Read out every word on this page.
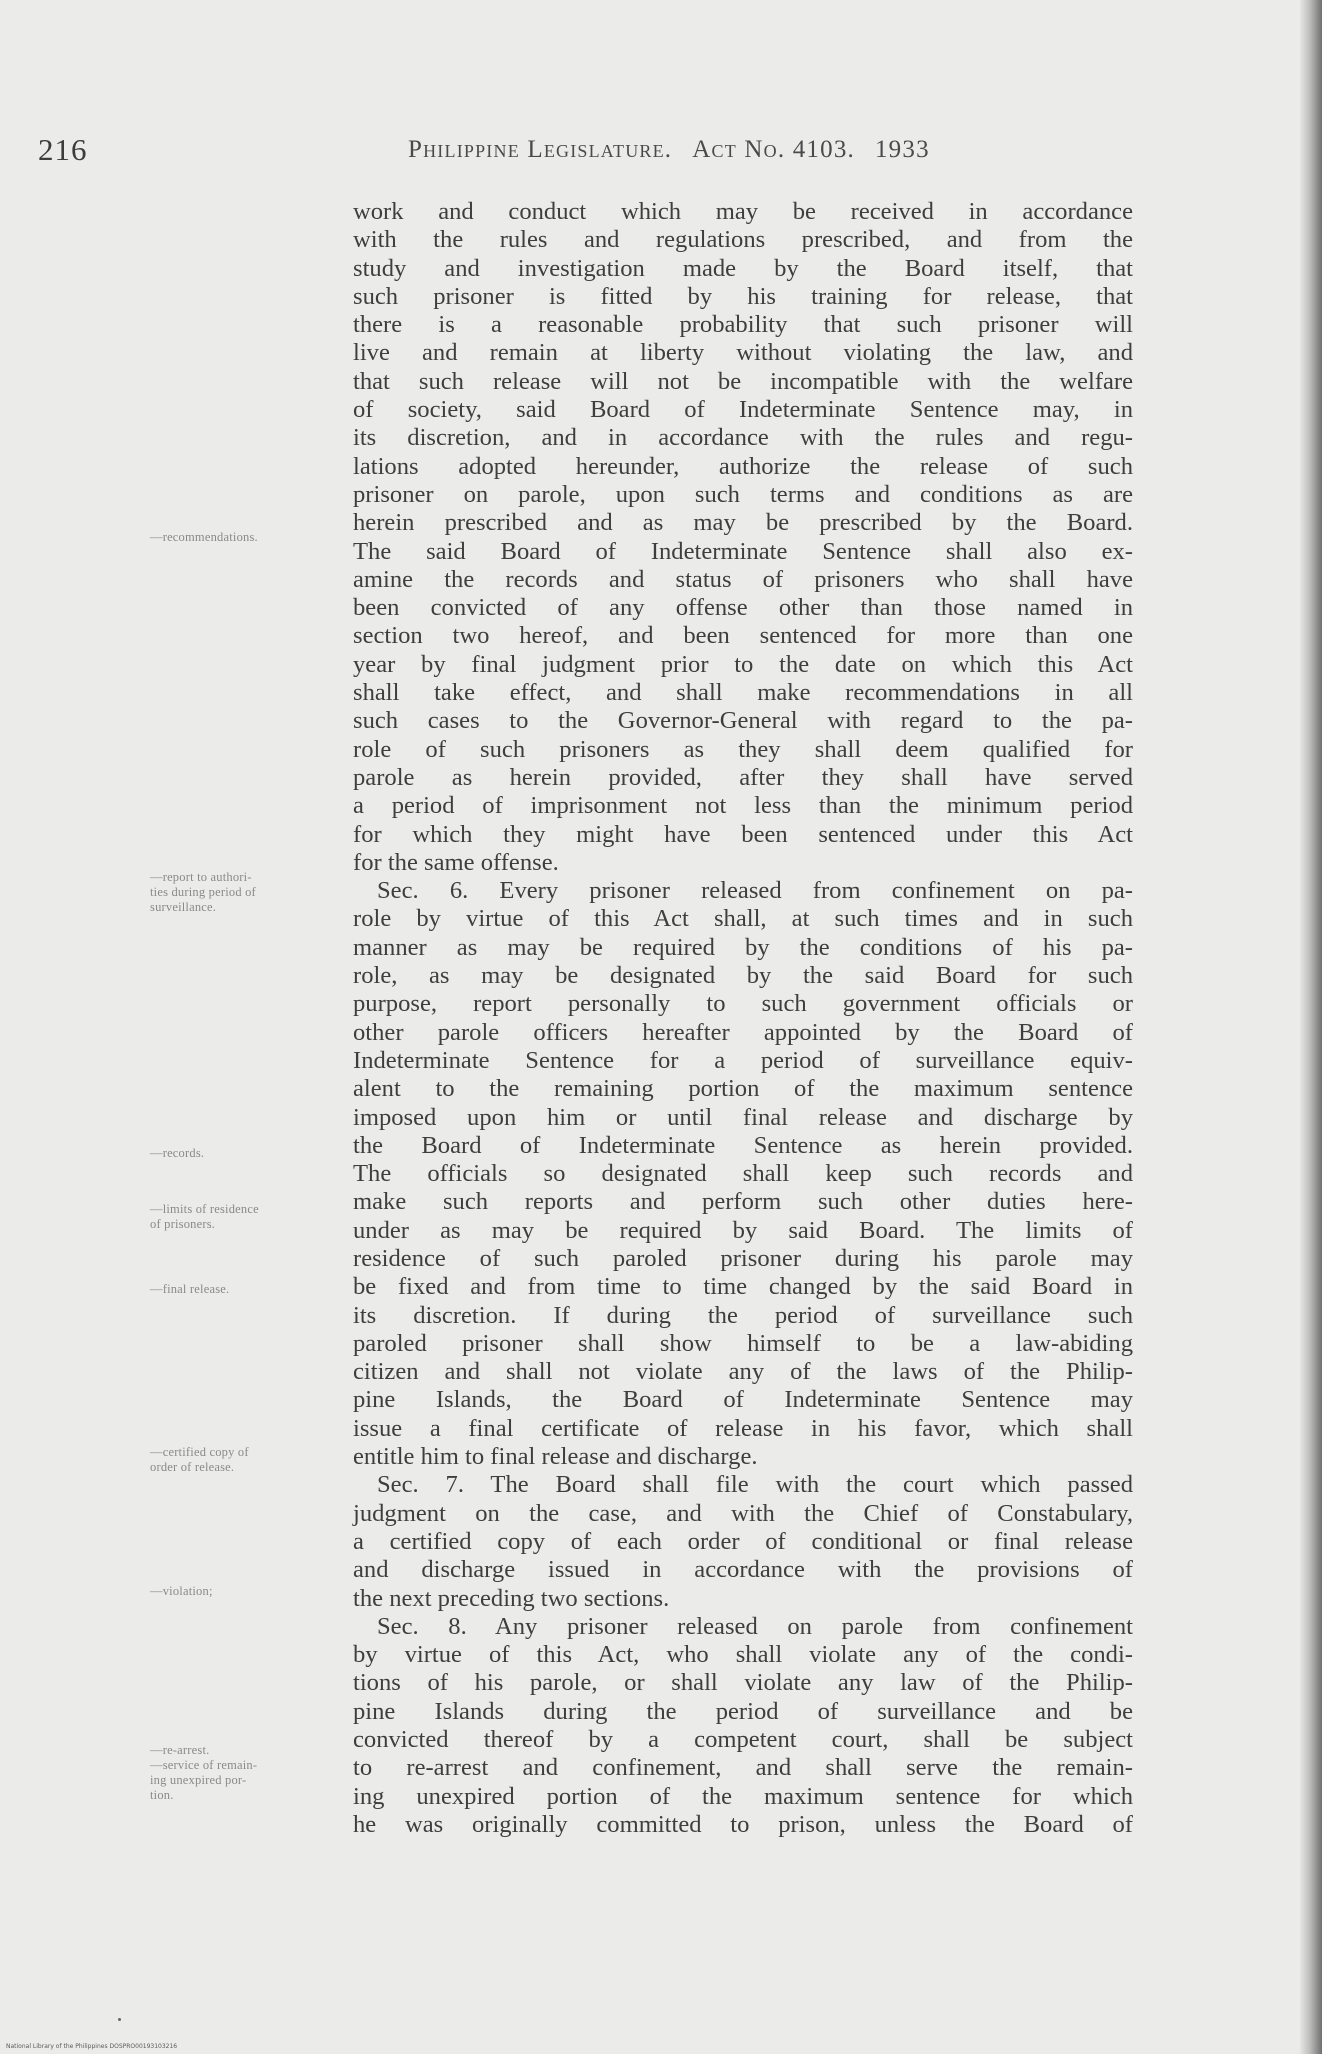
216	Philippine Legislature. Act No. 4103. 1933
—recommendations.
—report to authori-
ties during period of
surveillance.
—records.
—limits of residence
of prisoners.
—final release.
—certified copy of
order of release.
—violation;
—re-arrest.
—service of remain-
ing unexpired por-
tion.
work and conduct which may be received in accordance
with the rules and regulations prescribed, and from the
study and investigation made by the Board itself, that
such prisoner is fitted by his training for release, that
there is a reasonable probability that such prisoner will
live and remain at liberty without violating the law, and
that such release will not be incompatible with the welfare
of society, said Board of Indeterminate Sentence may, in
its discretion, and in accordance with the rules and regu-
lations adopted hereunder, authorize the release of such
prisoner on parole, upon such terms and conditions as are
herein prescribed and as may be prescribed by the Board.
The said Board of Indeterminate Sentence shall also ex-
amine the records and status of prisoners who shall have
been convicted of any offense other than those named in
section two hereof, and been sentenced for more than one
year by final judgment prior to the date on which this Act
shall take effect, and shall make recommendations in all
such cases to the Governor-General with regard to the pa-
role of such prisoners as they shall deem qualified for
parole as herein provided, after they shall have served
a period of imprisonment not less than the minimum period
for which they might have been sentenced under this Act
for the same offense.
Sec. 6. Every prisoner released from confinement on pa-
role by virtue of this Act shall, at such times and in such
manner as may be required by the conditions of his pa-
role, as may be designated by the said Board for such
purpose, report personally to such government officials or
other parole officers hereafter appointed by the Board of
Indeterminate Sentence for a period of surveillance equiv-
alent to the remaining portion of the maximum sentence
imposed upon him or until final release and discharge by
the Board of Indeterminate Sentence as herein provided.
The officials so designated shall keep such records and
make such reports and perform such other duties here-
under as may be required by said Board. The limits of
residence of such paroled prisoner during his parole may
be fixed and from time to time changed by the said Board in
its discretion. If during the period of surveillance such
paroled prisoner shall show himself to be a law-abiding
citizen and shall not violate any of the laws of the Philip-
pine Islands, the Board of Indeterminate Sentence may
issue a final certificate of release in his favor, which shall
entitle him to final release and discharge.
Sec. 7. The Board shall file with the court which passed
judgment on the case, and with the Chief of Constabulary,
a certified copy of each order of conditional or final release
and discharge issued in accordance with the provisions of
the next preceding two sections.
Sec. 8. Any prisoner released on parole from confinement
by virtue of this Act, who shall violate any of the condi-
tions of his parole, or shall violate any law of the Philip-
pine Islands during the period of surveillance and be
convicted thereof by a competent court, shall be subject
to re-arrest and confinement, and shall serve the remain-
ing unexpired portion of the maximum sentence for which
he was originally committed to prison, unless the Board of
National Library of the Philippines DOSPRO00193103216
